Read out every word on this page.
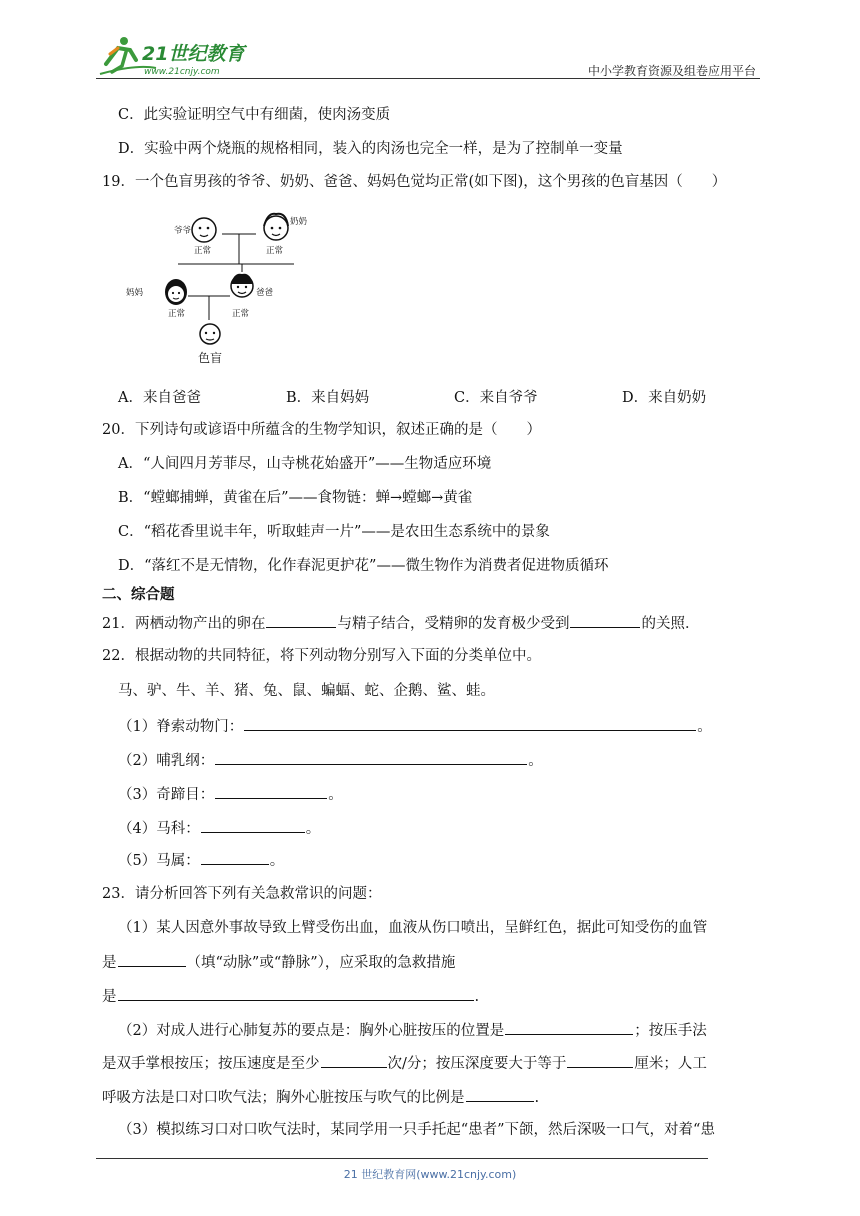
21世纪教育
www.21cnjy.com	中小学教育资源及组卷应用平台
C．此实验证明空气中有细菌，使肉汤变质
D．实验中两个烧瓶的规格相同，装入的肉汤也完全一样，是为了控制单一变量
19．一个色盲男孩的爷爷、奶奶、爸爸、妈妈色觉均正常(如下图)，这个男孩的色盲基因（　　）
爷爷
正常
奶奶
正常
妈妈
正常
爸爸
正常
色盲
A．来自爸爸	B．来自妈妈	C．来自爷爷	D．来自奶奶
20．下列诗句或谚语中所蕴含的生物学知识，叙述正确的是（　　）
A．“人间四月芳菲尽，山寺桃花始盛开”——生物适应环境
B．“螳螂捕蝉，黄雀在后”——食物链：蝉→螳螂→黄雀
C．“稻花香里说丰年，听取蛙声一片”——是农田生态系统中的景象
D．“落红不是无情物，化作春泥更护花”——微生物作为消费者促进物质循环
二、综合题
21．两栖动物产出的卵在	与精子结合，受精卵的发育极少受到	的关照．
22．根据动物的共同特征，将下列动物分别写入下面的分类单位中。
马、驴、牛、羊、猪、兔、鼠、蝙蝠、蛇、企鹅、鲨、蛙。
（1）脊索动物门：	。
（2）哺乳纲：	。
（3）奇蹄目：	。
（4）马科：	。
（5）马属：	。
23．请分析回答下列有关急救常识的问题：
（1）某人因意外事故导致上臂受伤出血，血液从伤口喷出，呈鲜红色，据此可知受伤的血管
是	（填“动脉”或“静脉”），应采取的急救措施
是	.
（2）对成人进行心肺复苏的要点是：胸外心脏按压的位置是	；按压手法
是双手掌根按压；按压速度是至少	次/分；按压深度要大于等于	厘米；人工
呼吸方法是口对口吹气法；胸外心脏按压与吹气的比例是	.
（3）模拟练习口对口吹气法时，某同学用一只手托起“患者”下颌，然后深吸一口气，对着“患
21 世纪教育网(www.21cnjy.com)
